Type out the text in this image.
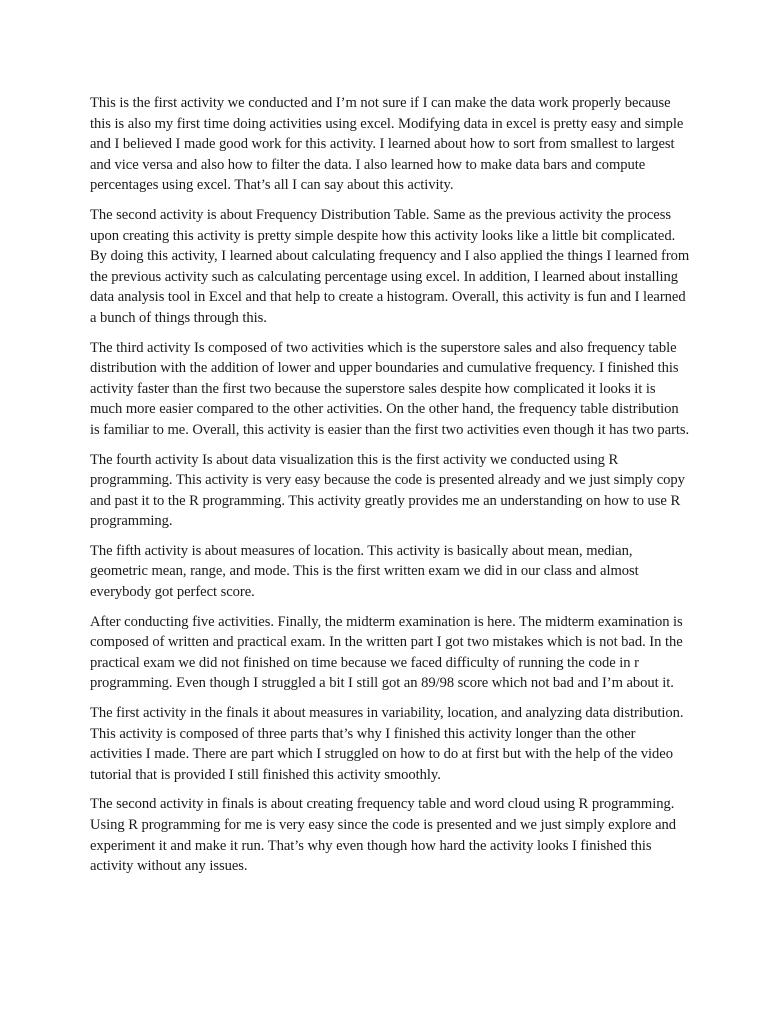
This is the first activity we conducted and I’m not sure if I can make the data work properly because this is also my first time doing activities using excel. Modifying data in excel is pretty easy and simple and I believed I made good work for this activity. I learned about how to sort from smallest to largest and vice versa and also how to filter the data. I also learned how to make data bars and compute percentages using excel. That’s all I can say about this activity.

The second activity is about Frequency Distribution Table. Same as the previous activity the process upon creating this activity is pretty simple despite how this activity looks like a little bit complicated. By doing this activity, I learned about calculating frequency and I also applied the things I learned from the previous activity such as calculating percentage using excel. In addition, I learned about installing data analysis tool in Excel and that help to create a histogram. Overall, this activity is fun and I learned a bunch of things through this.

The third activity Is composed of two activities which is the superstore sales and also frequency table distribution with the addition of lower and upper boundaries and cumulative frequency. I finished this activity faster than the first two because the superstore sales despite how complicated it looks it is much more easier compared to the other activities. On the other hand, the frequency table distribution is familiar to me. Overall, this activity is easier than the first two activities even though it has two parts.

The fourth activity Is about data visualization this is the first activity we conducted using R programming. This activity is very easy because the code is presented already and we just simply copy and past it to the R programming. This activity greatly provides me an understanding on how to use R programming.

The fifth activity is about measures of location. This activity is basically about mean, median, geometric mean, range, and mode. This is the first written exam we did in our class and almost everybody got perfect score.

After conducting five activities. Finally, the midterm examination is here. The midterm examination is composed of written and practical exam. In the written part I got two mistakes which is not bad. In the practical exam we did not finished on time because we faced difficulty of running the code in r programming. Even though I struggled a bit I still got an 89/98 score which not bad and I’m about it.

The first activity in the finals it about measures in variability, location, and analyzing data distribution. This activity is composed of three parts that’s why I finished this activity longer than the other activities I made. There are part which I struggled on how to do at first but with the help of the video tutorial that is provided I still finished this activity smoothly.

The second activity in finals is about creating frequency table and word cloud using R programming. Using R programming for me is very easy since the code is presented and we just simply explore and experiment it and make it run. That’s why even though how hard the activity looks I finished this activity without any issues.
